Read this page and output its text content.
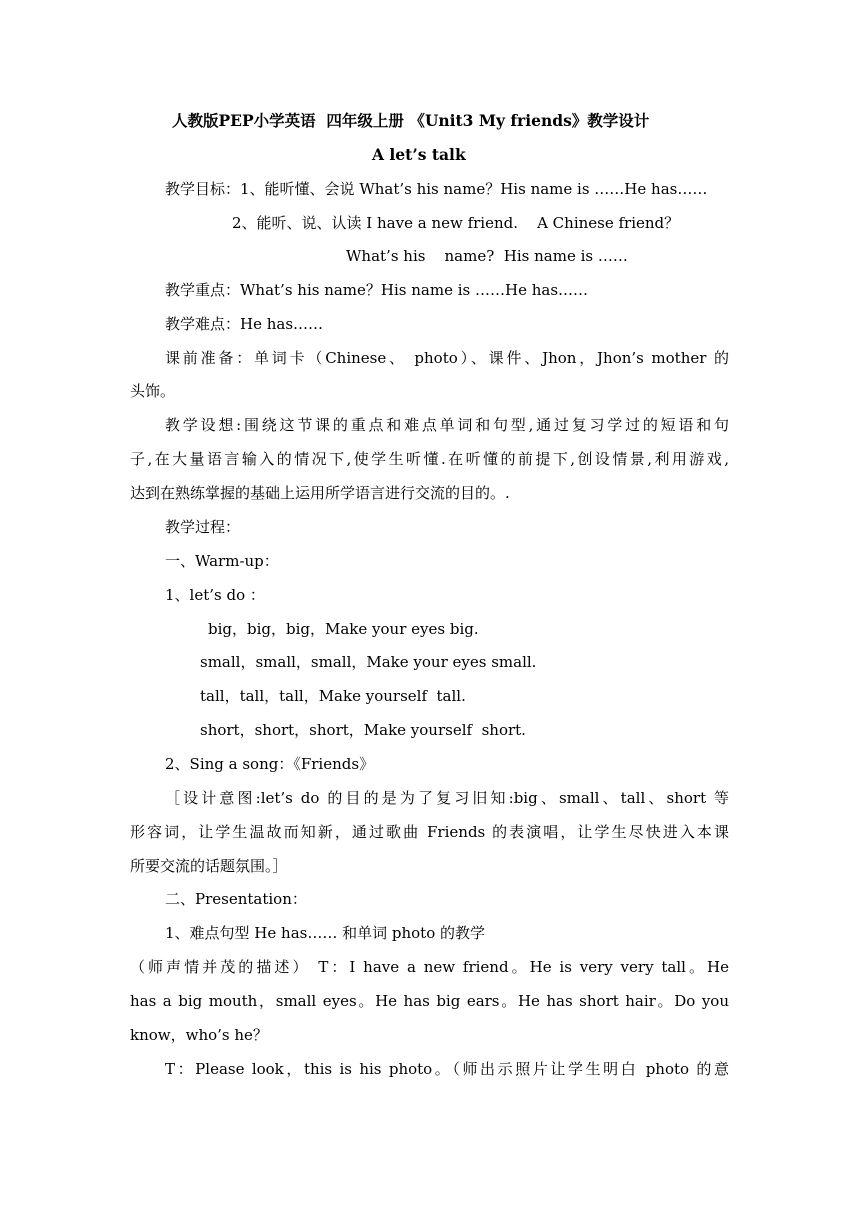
人教版PEP小学英语  四年级上册 《Unit3 My friends》教学设计
A let’s talk
教学目标：1、能听懂、会说 What’s his name？His name is ……He has……
2、能听、说、认读 I have a new friend.    A Chinese friend？
What’s his    name?  His name is ……
教学重点：What’s his name？His name is ……He has……
教学难点：He has……
课前准备：单词卡（Chinese、 photo）、课件、Jhon，Jhon’s mother 的
头饰。
教学设想:围绕这节课的重点和难点单词和句型,通过复习学过的短语和句
子,在大量语言输入的情况下,使学生听懂.在听懂的前提下,创设情景,利用游戏,
达到在熟练掌握的基础上运用所学语言进行交流的目的。.
教学过程：
一、Warm-up：
1、let’s do ：
big，big，big，Make your eyes big.
small，small，small，Make your eyes small.
tall，tall，tall，Make yourself  tall.
short，short，short，Make yourself  short.
2、Sing a song：《Friends》
［设计意图:let’s do 的目的是为了复习旧知:big、small、tall、short 等
形容词，让学生温故而知新，通过歌曲 Friends 的表演唱，让学生尽快进入本课
所要交流的话题氛围。］
二、Presentation：
1、难点句型 He has…… 和单词 photo 的教学
（师声情并茂的描述） T：I have a new friend。He is very very tall。He
has a big mouth，small eyes。He has big ears。He has short hair。Do you
know，who’s he？
T：Please look，this is his photo。（师出示照片让学生明白 photo 的意
